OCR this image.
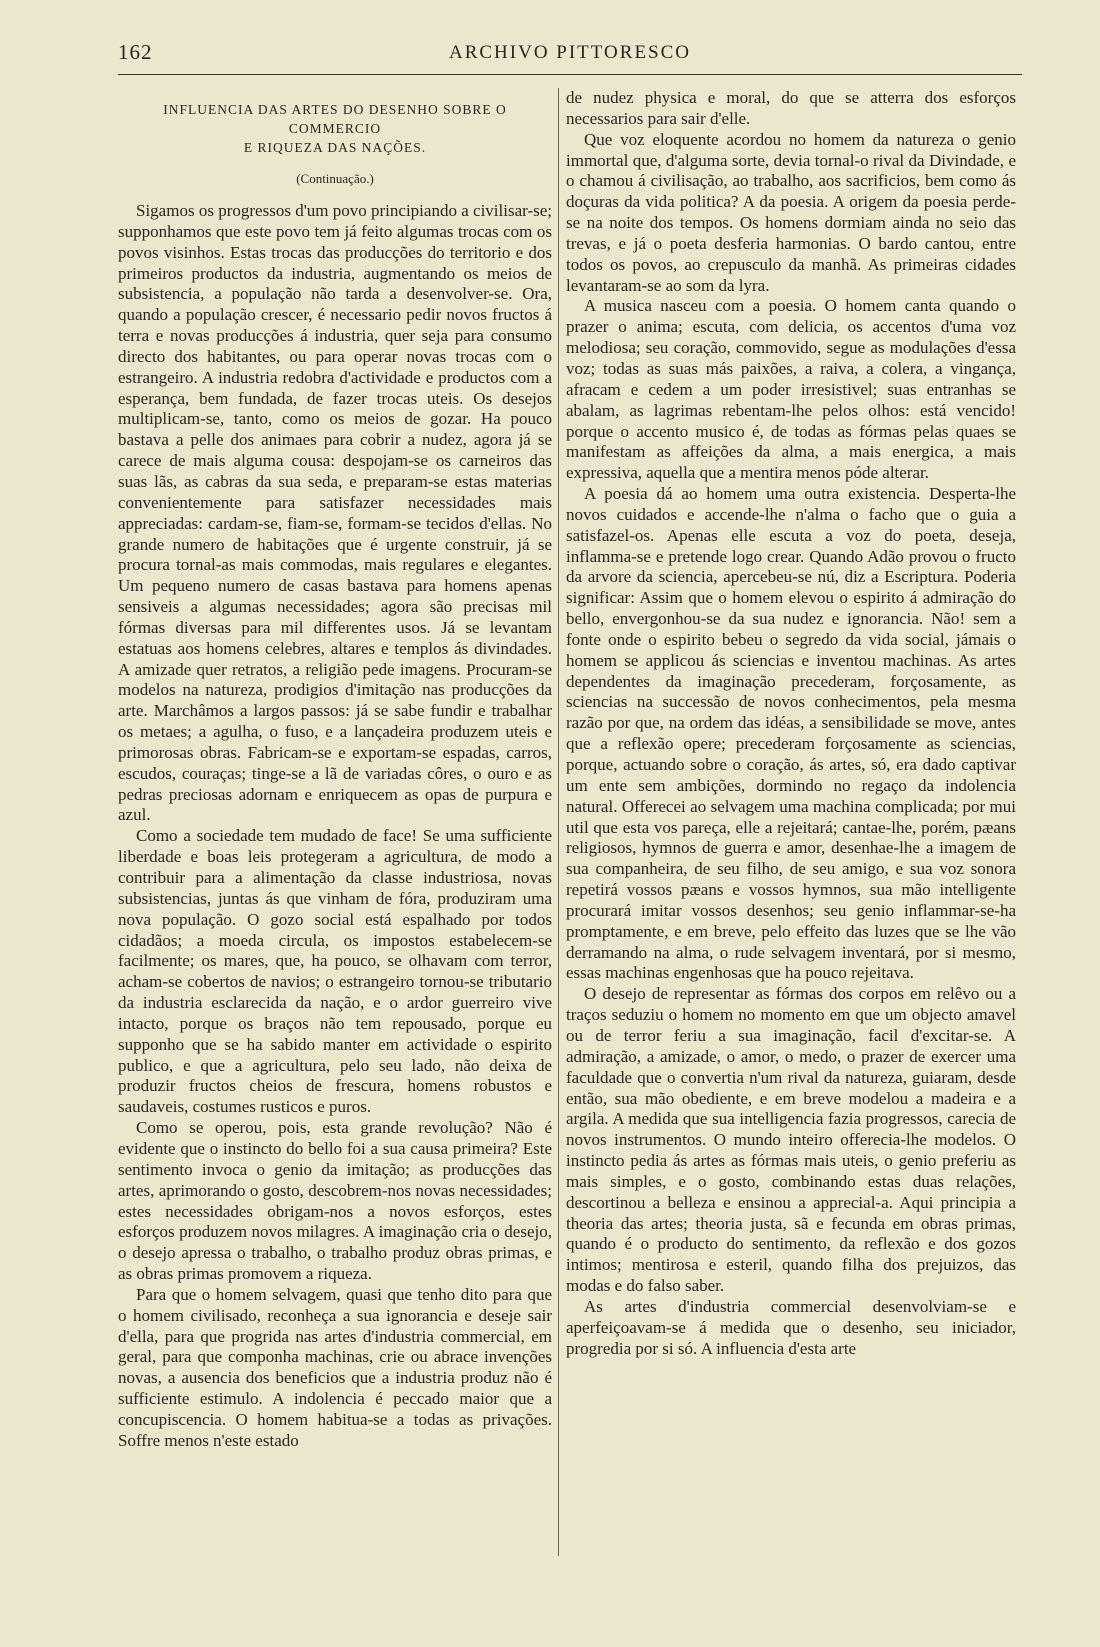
162	ARCHIVO PITTORESCO
INFLUENCIA DAS ARTES DO DESENHO SOBRE O COMMERCIO
E RIQUEZA DAS NAÇÕES.
(Continuação.)

Sigamos os progressos d'um povo principiando a civilisar-se; supponhamos que este povo tem já feito algumas trocas com os povos visinhos. Estas trocas das producções do territorio e dos primeiros productos da industria, augmentando os meios de subsistencia, a população não tarda a desenvolver-se. Ora, quando a população crescer, é necessario pedir novos fructos á terra e novas producções á industria, quer seja para consumo directo dos habitantes, ou para operar novas trocas com o estrangeiro. A industria redobra d'actividade e productos com a esperança, bem fundada, de fazer trocas uteis. Os desejos multiplicam-se, tanto, como os meios de gozar. Ha pouco bastava a pelle dos animaes para cobrir a nudez, agora já se carece de mais alguma cousa: despojam-se os carneiros das suas lãs, as cabras da sua seda, e preparam-se estas materias convenientemente para satisfazer necessidades mais appreciadas: cardam-se, fiam-se, formam-se tecidos d'ellas. No grande numero de habitações que é urgente construir, já se procura tornal-as mais commodas, mais regulares e elegantes. Um pequeno numero de casas bastava para homens apenas sensiveis a algumas necessidades; agora são precisas mil fórmas diversas para mil differentes usos. Já se levantam estatuas aos homens celebres, altares e templos ás divindades. A amizade quer retratos, a religião pede imagens. Procuram-se modelos na natureza, prodigios d'imitação nas producções da arte. Marchâmos a largos passos: já se sabe fundir e trabalhar os metaes; a agulha, o fuso, e a lançadeira produzem uteis e primorosas obras. Fabricam-se e exportam-se espadas, carros, escudos, couraças; tinge-se a lã de variadas côres, o ouro e as pedras preciosas adornam e enriquecem as opas de purpura e azul.

Como a sociedade tem mudado de face! Se uma sufficiente liberdade e boas leis protegeram a agricultura, de modo a contribuir para a alimentação da classe industriosa, novas subsistencias, juntas ás que vinham de fóra, produziram uma nova população. O gozo social está espalhado por todos cidadãos; a moeda circula, os impostos estabelecem-se facilmente; os mares, que, ha pouco, se olhavam com terror, acham-se cobertos de navios; o estrangeiro tornou-se tributario da industria esclarecida da nação, e o ardor guerreiro vive intacto, porque os braços não tem repousado, porque eu supponho que se ha sabido manter em actividade o espirito publico, e que a agricultura, pelo seu lado, não deixa de produzir fructos cheios de frescura, homens robustos e saudaveis, costumes rusticos e puros.

Como se operou, pois, esta grande revolução? Não é evidente que o instincto do bello foi a sua causa primeira? Este sentimento invoca o genio da imitação; as producções das artes, aprimorando o gosto, descobrem-nos novas necessidades; estes necessidades obrigam-nos a novos esforços, estes esforços produzem novos milagres. A imaginação cria o desejo, o desejo apressa o trabalho, o trabalho produz obras primas, e as obras primas promovem a riqueza.

Para que o homem selvagem, quasi que tenho dito para que o homem civilisado, reconheça a sua ignorancia e deseje sair d'ella, para que progrida nas artes d'industria commercial, em geral, para que componha machinas, crie ou abrace invenções novas, a ausencia dos beneficios que a industria produz não é sufficiente estimulo. A indolencia é peccado maior que a concupiscencia. O homem habitua-se a todas as privações. Soffre menos n'este estado

de nudez physica e moral, do que se atterra dos esforços necessarios para sair d'elle.

Que voz eloquente acordou no homem da natureza o genio immortal que, d'alguma sorte, devia tornal-o rival da Divindade, e o chamou á civilisação, ao trabalho, aos sacrificios, bem como ás doçuras da vida politica? A da poesia. A origem da poesia perde-se na noite dos tempos. Os homens dormiam ainda no seio das trevas, e já o poeta desferia harmonias. O bardo cantou, entre todos os povos, ao crepusculo da manhã. As primeiras cidades levantaram-se ao som da lyra.

A musica nasceu com a poesia. O homem canta quando o prazer o anima; escuta, com delicia, os accentos d'uma voz melodiosa; seu coração, commovido, segue as modulações d'essa voz; todas as suas más paixões, a raiva, a colera, a vingança, afracam e cedem a um poder irresistivel; suas entranhas se abalam, as lagrimas rebentam-lhe pelos olhos: está vencido! porque o accento musico é, de todas as fórmas pelas quaes se manifestam as affeições da alma, a mais energica, a mais expressiva, aquella que a mentira menos póde alterar.

A poesia dá ao homem uma outra existencia. Desperta-lhe novos cuidados e accende-lhe n'alma o facho que o guia a satisfazel-os. Apenas elle escuta a voz do poeta, deseja, inflamma-se e pretende logo crear. Quando Adão provou o fructo da arvore da sciencia, apercebeu-se nú, diz a Escriptura. Poderia significar: Assim que o homem elevou o espirito á admiração do bello, envergonhou-se da sua nudez e ignorancia. Não! sem a fonte onde o espirito bebeu o segredo da vida social, jámais o homem se applicou ás sciencias e inventou machinas. As artes dependentes da imaginação precederam, forçosamente, as sciencias na successão de novos conhecimentos, pela mesma razão por que, na ordem das idéas, a sensibilidade se move, antes que a reflexão opere; precederam forçosamente as sciencias, porque, actuando sobre o coração, ás artes, só, era dado captivar um ente sem ambições, dormindo no regaço da indolencia natural. Offerecei ao selvagem uma machina complicada; por mui util que esta vos pareça, elle a rejeitará; cantae-lhe, porém, pæans religiosos, hymnos de guerra e amor, desenhae-lhe a imagem de sua companheira, de seu filho, de seu amigo, e sua voz sonora repetirá vossos pæans e vossos hymnos, sua mão intelligente procurará imitar vossos desenhos; seu genio inflammar-se-ha promptamente, e em breve, pelo effeito das luzes que se lhe vão derramando na alma, o rude selvagem inventará, por si mesmo, essas machinas engenhosas que ha pouco rejeitava.

O desejo de representar as fórmas dos corpos em relêvo ou a traços seduziu o homem no momento em que um objecto amavel ou de terror feriu a sua imaginação, facil d'excitar-se. A admiração, a amizade, o amor, o medo, o prazer de exercer uma faculdade que o convertia n'um rival da natureza, guiaram, desde então, sua mão obediente, e em breve modelou a madeira e a argila. A medida que sua intelligencia fazia progressos, carecia de novos instrumentos. O mundo inteiro offerecia-lhe modelos. O instincto pedia ás artes as fórmas mais uteis, o genio preferiu as mais simples, e o gosto, combinando estas duas relações, descortinou a belleza e ensinou a apprecial-a. Aqui principia a theoria das artes; theoria justa, sã e fecunda em obras primas, quando é o producto do sentimento, da reflexão e dos gozos intimos; mentirosa e esteril, quando filha dos prejuizos, das modas e do falso saber.

As artes d'industria commercial desenvolviam-se e aperfeiçoavam-se á medida que o desenho, seu iniciador, progredia por si só. A influencia d'esta arte
